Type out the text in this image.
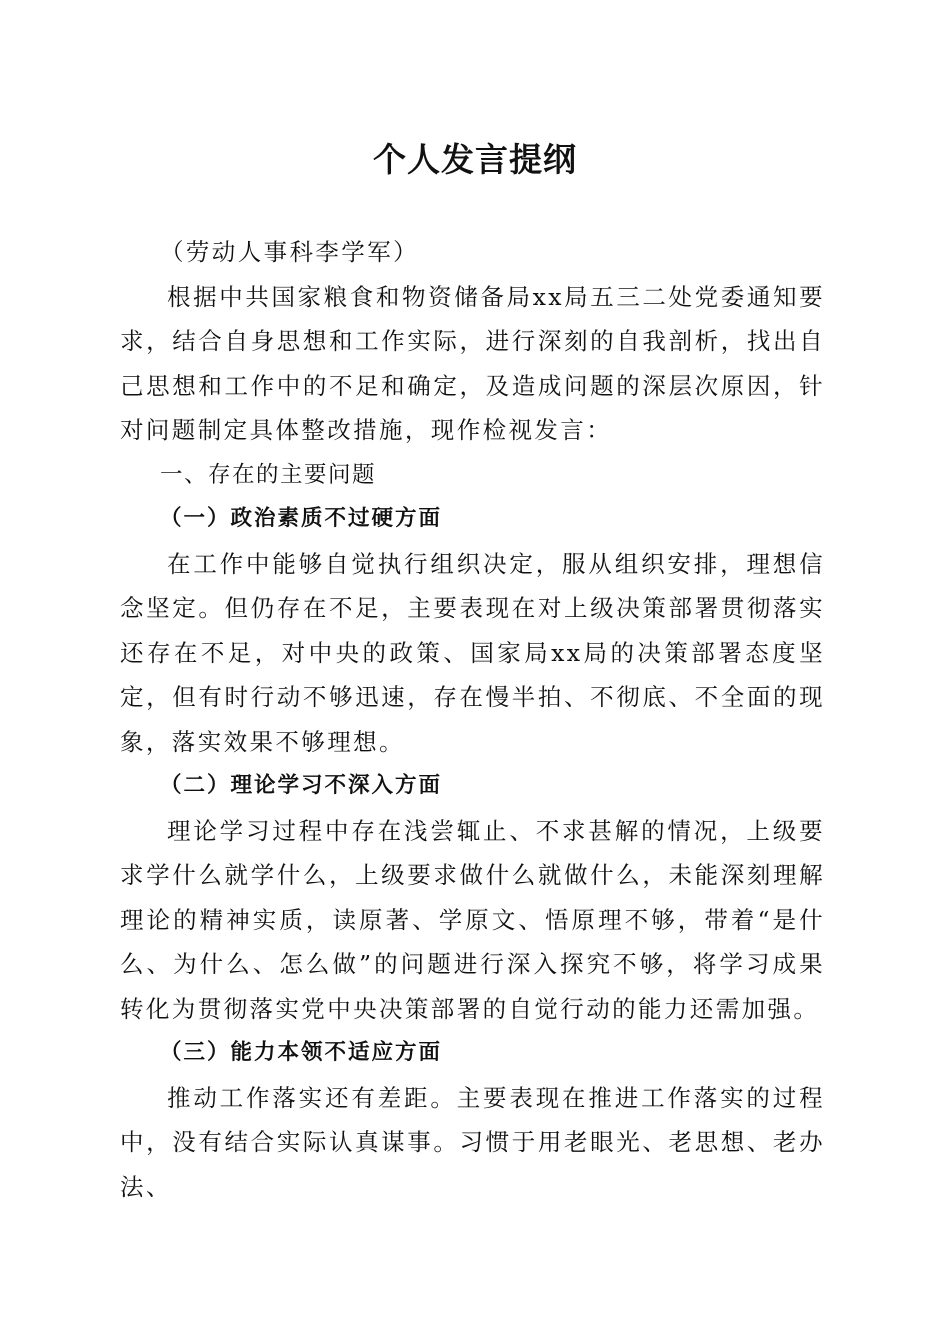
个人发言提纲

（劳动人事科李学军）

根据中共国家粮食和物资储备局xx局五三二处党委通知要求，结合自身思想和工作实际，进行深刻的自我剖析，找出自己思想和工作中的不足和确定，及造成问题的深层次原因，针对问题制定具体整改措施，现作检视发言：

一、存在的主要问题

（一）政治素质不过硬方面

在工作中能够自觉执行组织决定，服从组织安排，理想信念坚定。但仍存在不足，主要表现在对上级决策部署贯彻落实还存在不足，对中央的政策、国家局xx局的决策部署态度坚定，但有时行动不够迅速，存在慢半拍、不彻底、不全面的现象，落实效果不够理想。

（二）理论学习不深入方面

理论学习过程中存在浅尝辄止、不求甚解的情况，上级要求学什么就学什么，上级要求做什么就做什么，未能深刻理解理论的精神实质，读原著、学原文、悟原理不够，带着“是什么、为什么、怎么做”的问题进行深入探究不够，将学习成果转化为贯彻落实党中央决策部署的自觉行动的能力还需加强。

（三）能力本领不适应方面

推动工作落实还有差距。主要表现在推进工作落实的过程中，没有结合实际认真谋事。习惯于用老眼光、老思想、老办法、
